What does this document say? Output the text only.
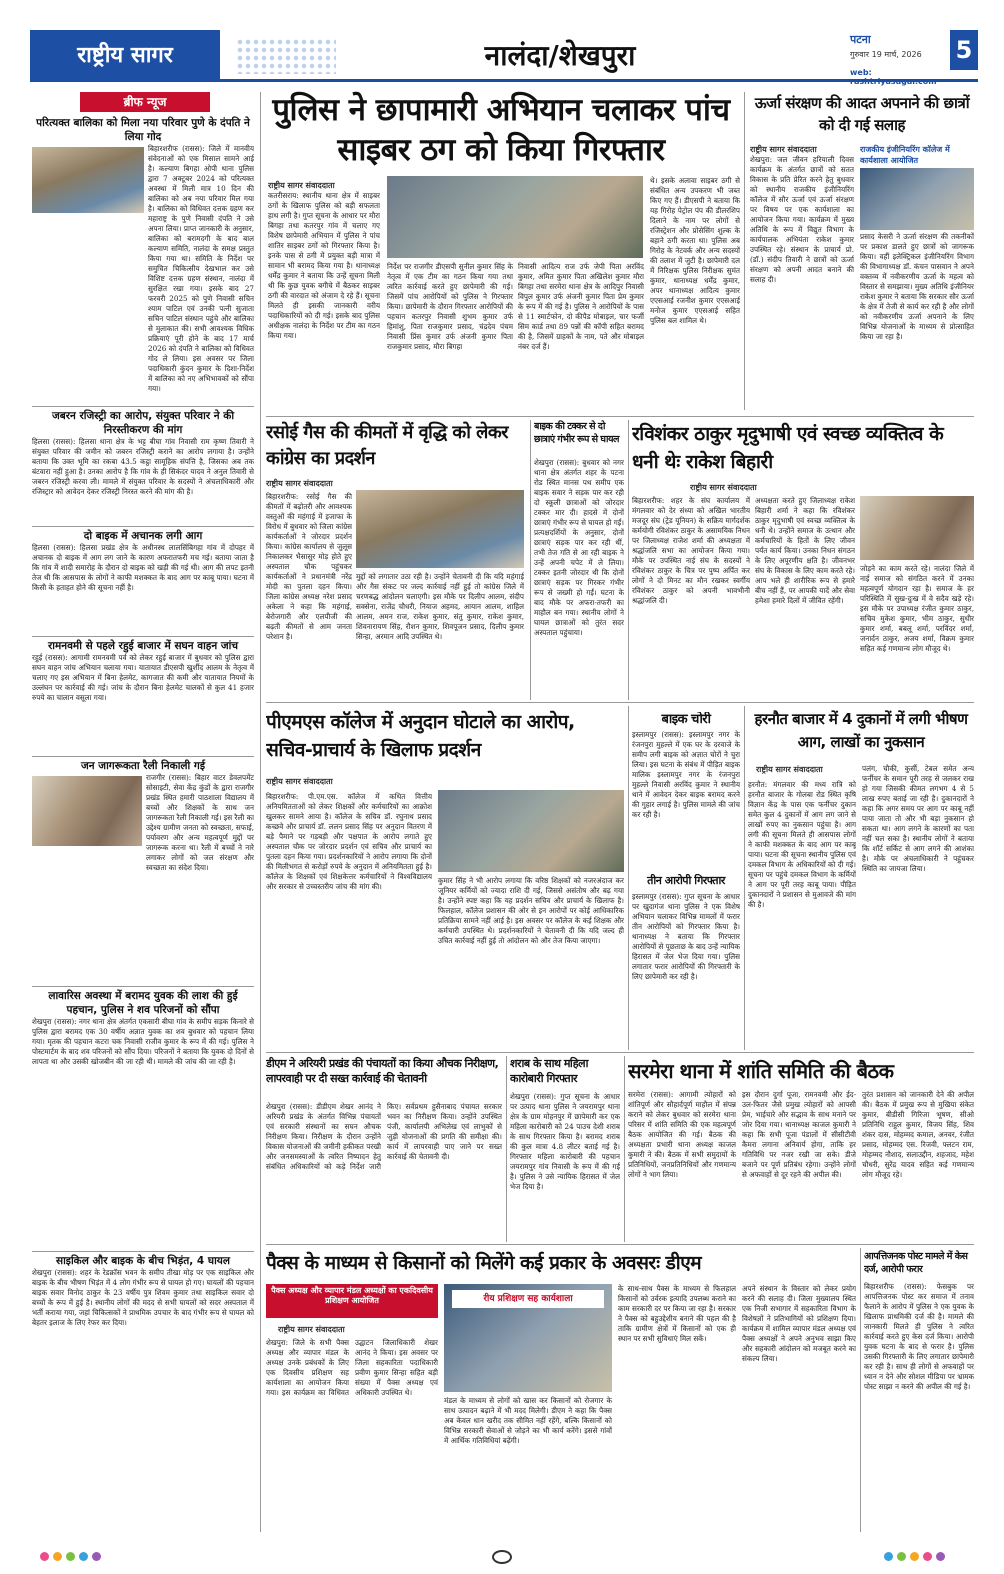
राष्ट्रीय सागर	नालंदा/शेखपुरा	पटना
गुरुवार 19 मार्च, 2026
web: rashtriyasagar.com
5
ब्रीफ न्यूज
परित्यक्त बालिका को मिला नया परिवार पुणे के दंपति ने लिया गोद

बिहारशरीफ (रासस): जिले में मानवीय संवेदनाओं को एक मिसाल सामने आई है। कल्याण बिगहा ओपी थाना पुलिस द्वारा 7 अक्टूबर 2024 को परित्यक्त अवस्था में मिली मात्र 10 दिन की बालिका को अब नया परिवार मिल गया है। बालिका को विधिवत दत्तक ग्रहण कर महाराष्ट्र के पुणे निवासी दंपति ने उसे अपना लिया। प्राप्त जानकारी के अनुसार, बालिका को बरामदगी के बाद बाल कल्याण समिति, नालंदा के समक्ष प्रस्तुत किया गया था। समिति के निर्देश पर समुचित चिकित्सीय देखभाल कर उसे विशिष्ट दत्तक ग्रहण संस्थान, नालंदा में सुरक्षित रखा गया। इसके बाद 27 फरवरी 2025 को पुणे निवासी सचिन श्याम पाटिल एवं उनकी पत्नी सुजाता सचिन पाटिल संस्थान पहुंचे और बालिका से मुलाकात की। सभी आवश्यक विधिक प्रक्रियाएं पूरी होने के बाद 17 मार्च 2026 को दंपति ने बालिका को विधिवत गोद ले लिया। इस अवसर पर जिला पदाधिकारी कुंदन कुमार के दिशा-निर्देश में बालिका को नए अभिभावकों को सौंपा गया।

जबरन रजिस्ट्री का आरोप, संयुक्त परिवार ने की निरस्तीकरण की मांग

हिलसा (रासस): हिलसा थाना क्षेत्र के भट्ट बीघा गांव निवासी राम कृष्ण तिवारी ने संयुक्त परिवार की जमीन को जबरन रजिस्ट्री कराने का आरोप लगाया है। उन्होंने बताया कि उक्त भूमि का रकबा 43.5 कट्ठा सामूहिक संपत्ति है, जिसका अब तक बंटवारा नहीं हुआ है। उनका आरोप है कि गांव के ही सिकंदर यादव ने अनुल तिवारी से जबरन रजिस्ट्री करवा ली। मामले में संयुक्त परिवार के सदस्यों ने अंचलाधिकारी और रजिस्ट्रार को आवेदन देकर रजिस्ट्री निरस्त करने की मांग की है।

दो बाइक में अचानक लगी आग

हिलसा (रासस): हिलसा प्रखंड क्षेत्र के अधीनस्थ लालसिंबिगहा गांव में दोपहर में अचानक दो बाइक में आग लग जाने के कारण अफरातफरी मच गई। बताया जाता है कि गांव में शादी समारोह के दौरान दो बाइक को खड़ी की गई थी। आग की लपट इतनी तेज थी कि आसपास के लोगों ने काफी मशक्कत के बाद आग पर काबू पाया। घटना में किसी के हताहत होने की सूचना नहीं है।

रामनवमी से पहले रहुई बाजार में सघन वाहन जांच

रहुई (रासस): आगामी रामनवमी पर्व को लेकर रहुई बाजार में बुधवार को पुलिस द्वारा सघन वाहन जांच अभियान चलाया गया। यातायात डीएसपी खुर्शीद आलम के नेतृत्व में चलाए गए इस अभियान में बिना हेलमेट, कागजात की कमी और यातायात नियमों के उल्लंघन पर कार्रवाई की गई। जांच के दौरान बिना हेलमेट चालकों से कुल 41 हजार रुपये का चालान वसूला गया।

जन जागरूकता रैली निकाली गई

राजगीर (रासस): बिहार वाटर डेवलपमेंट सोसाइटी, सेवा केंद्र कुंडों के द्वारा राजगीर प्रखंड स्थित हमारी पाठशाला विद्यालय में बच्चों और शिक्षकों के साथ जन जागरूकता रैली निकाली गई। इस रैली का उद्देश्य ग्रामीण जनता को स्वच्छता, सफाई, पर्यावरण और अन्य महत्वपूर्ण मुद्दों पर जागरूक करना था। रैली में बच्चों ने नारे लगाकर लोगों को जल संरक्षण और स्वच्छता का संदेश दिया।

लावारिस अवस्था में बरामद युवक की लाश की हुई पहचान, पुलिस ने शव परिजनों को सौंपा

शेखपुरा (रासस): नगर थाना क्षेत्र अंतर्गत एकसारी बीघा गांव के समीप सड़क किनारे से पुलिस द्वारा बरामद एक 30 वर्षीय अज्ञात युवक का शव बुधवार को पहचान लिया गया। मृतक की पहचान कटरा चक निवासी राजीव कुमार के रूप में की गई। पुलिस ने पोस्टमार्टम के बाद शव परिजनों को सौंप दिया। परिजनों ने बताया कि युवक दो दिनों से लापता था और उसकी खोजबीन की जा रही थी। मामले की जांच की जा रही है।

साइकिल और बाइक के बीच भिड़ंत, 4 घायल

शेखपुरा (रासस): शहर के रेडक्रॉस भवन के समीप तीखा मोड़ पर एक साइकिल और बाइक के बीच भीषण भिड़ंत में 4 लोग गंभीर रूप से घायल हो गए। घायलों की पहचान बाइक सवार विनोद ठाकुर के 23 वर्षीय पुत्र शिवम कुमार तथा साइकिल सवार दो बच्चों के रूप में हुई है। स्थानीय लोगों की मदद से सभी घायलों को सदर अस्पताल में भर्ती कराया गया, जहां चिकित्सकों ने प्राथमिक उपचार के बाद गंभीर रूप से घायल को बेहतर इलाज के लिए रेफर कर दिया।

पुलिस ने छापामारी अभियान चलाकर पांच साइबर ठग को किया गिरफ्तार
राष्ट्रीय सागर संवाददाता

कतरीसराय: स्थानीय थाना क्षेत्र में साइबर ठगों के खिलाफ पुलिस को बड़ी सफलता हाथ लगी है। गुप्त सूचना के आधार पर मौरा बिगहा तथा कतरपुर गांव में चलाए गए विशेष छापेमारी अभियान में पुलिस ने पांच शातिर साइबर ठगों को गिरफ्तार किया है। इनके पास से ठगी में प्रयुक्त बड़ी मात्रा में सामान भी बरामद किया गया है। थानाध्यक्ष धर्मेंद्र कुमार ने बताया कि उन्हें सूचना मिली थी कि कुछ युवक बगीचे में बैठकर साइबर ठगी की वारदात को अंजाम दे रहे हैं। सूचना मिलते ही इसकी जानकारी वरीय पदाधिकारियों को दी गई। इसके बाद पुलिस अधीक्षक नालंदा के निर्देश पर टीम का गठन किया गया।

निर्देश पर राजगीर डीएसपी सुनील कुमार सिंह के नेतृत्व में एक टीम का गठन किया गया तथा त्वरित कार्रवाई करते हुए छापेमारी की गई। जिसमें पांच आरोपियों को पुलिस ने गिरफ्तार किया। छापेमारी के दौरान गिरफ्तार आरोपियों की पहचान कतरपुर निवासी शुभम कुमार उर्फ हिमांशु, पिता राजकुमार प्रसाद, चंद्रदेव पंचम निवासी प्रिंस कुमार उर्फ अंजनी कुमार पिता राजकुमार प्रसाद, मौरा बिगहा

निवासी आदित्य राज उर्फ जेपी पिता अरविंद कुमार, अमित कुमार पिता अखिलेश कुमार मौरा बिगहा तथा सरमेरा थाना क्षेत्र के आदिपुर निवासी विपुल कुमार उर्फ अंजनी कुमार पिता प्रेम कुमार के रूप में की गई है। पुलिस ने आरोपियों के पास से 11 स्मार्टफोन, दो कीपैड मोबाइल, चार फर्जी सिम कार्ड तथा 89 पन्नों की कॉपी सहित बरामद की है, जिसमें ग्राहकों के नाम, पते और मोबाइल नंबर दर्ज हैं।

थे। इसके अलावा साइबर ठगी से संबंधित अन्य उपकरण भी जब्त किए गए हैं। डीएसपी ने बताया कि यह गिरोह पेट्रोल पंप की डीलरशिप दिलाने के नाम पर लोगों से रजिस्ट्रेशन और प्रोसेसिंग शुल्क के बहाने ठगी करता था। पुलिस अब गिरोह के नेटवर्क और अन्य सदस्यों की तलाश में जुटी है। छापेमारी दल में निरिक्षक पुलिस निरीक्षक सुमंत कुमार, थानाध्यक्ष धर्मेंद्र कुमार, अपर थानाध्यक्ष आदित्य कुमार एएसआई रजनीश कुमार एएसआई मनोज कुमार एएसआई सहित पुलिस बल शामिल थे।

ऊर्जा संरक्षण की आदत अपनाने की छात्रों को दी गई सलाह
राष्ट्रीय सागर संवाददाता

शेखपुरा: जल जीवन हरियाली दिवस कार्यक्रम के अंतर्गत छात्रों को सतत विकास के प्रति प्रेरित करने हेतु बुधवार को स्थानीय राजकीय इंजीनियरिंग कॉलेज में सौर ऊर्जा एवं ऊर्जा संरक्षण पर विषय पर एक कार्यशाला का आयोजन किया गया। कार्यक्रम में मुख्य अतिथि के रूप में विद्युत विभाग के कार्यपालक अभियंता राकेश कुमार उपस्थित रहे। संस्थान के प्राचार्य प्रो. (डॉ.) संदीप तिवारी ने छात्रों को ऊर्जा संरक्षण को अपनी आदत बनाने की सलाह दी।

राजकीय इंजीनियरिंग कॉलेज में कार्यशाला आयोजित

प्रसाद केसरी ने ऊर्जा संरक्षण की तकनीकों पर प्रकाश डालते हुए छात्रों को जागरूक किया। वहीं इलेक्ट्रिकल इंजीनियरिंग विभाग की विभागाध्यक्ष डॉ. कंचन पासवान ने अपने वक्तव्य में नवीकरणीय ऊर्जा के महत्व को विस्तार से समझाया। मुख्य अतिथि इंजीनियर राकेश कुमार ने बताया कि सरकार सौर ऊर्जा के क्षेत्र में तेजी से कार्य कर रही है और लोगों को नवीकरणीय ऊर्जा अपनाने के लिए विभिन्न योजनाओं के माध्यम से प्रोत्साहित किया जा रहा है।

रसोई गैस की कीमतों में वृद्धि को लेकर कांग्रेस का प्रदर्शन
राष्ट्रीय सागर संवाददाता

बिहारशरीफ: रसोई गैस की कीमतों में बढ़ोतरी और आवश्यक वस्तुओं की महंगाई में इजाफा के विरोध में बुधवार को जिला कांग्रेस कार्यकर्ताओं ने जोरदार प्रदर्शन किया। कांग्रेस कार्यालय से जुलूस निकालकर भैसासुर मोड़ होते हुए अस्पताल चौक पहुंचकर कार्यकर्ताओं ने प्रधानमंत्री नरेंद्र मोदी का पुतला दहन किया। जिला कांग्रेस अध्यक्ष नरेश प्रसाद अकेला ने कहा कि महंगाई, बेरोजगारी और एलपीजी की बढ़ती कीमतों से आम जनता परेशान है।

मुद्दों को लगातार उठा रही है। उन्होंने चेतावनी दी कि यदि महंगाई और गैस संकट पर जल्द कार्रवाई नहीं हुई तो कांग्रेस जिले में चरणबद्ध आंदोलन चलाएगी। इस मौके पर दिलीप आलम, संदीप सक्सेना, राजेंद्र चौधरी, नियाज अहमद, आयान आलम, शाहिल आलम, अमन राज, राकेश कुमार, संतु कुमार, राकेश कुमार, शिवनारायण सिंह, रौशन कुमार, शिवपूजन प्रसाद, दिलीप कुमार सिन्हा, अरमान आदि उपस्थित थे।

बाइक की टक्कर से दो छात्राएं गंभीर रूप से घायल

शेखपुरा (रासस): बुधवार को नगर थाना क्षेत्र अंतर्गत शहर के पटना रोड स्थित मानस पथ समीप एक बाइक सवार ने सड़क पार कर रही दो स्कूली छात्राओं को जोरदार टक्कर मार दी। हादसे में दोनों छात्राएं गंभीर रूप से घायल हो गईं। प्रत्यक्षदर्शियों के अनुसार, दोनों छात्राएं सड़क पार कर रही थीं, तभी तेज गति से आ रही बाइक ने उन्हें अपनी चपेट में ले लिया। टक्कर इतनी जोरदार थी कि दोनों छात्राएं सड़क पर गिरकर गंभीर रूप से जख्मी हो गईं। घटना के बाद मौके पर अफरा-तफरी का माहौल बन गया। स्थानीय लोगों ने घायल छात्राओं को तुरंत सदर अस्पताल पहुंचाया।

रविशंकर ठाकुर मृदुभाषी एवं स्वच्छ व्यक्तित्व के धनी थेः राकेश बिहारी
राष्ट्रीय सागर संवाददाता

बिहारशरीफ: शहर के संघ कार्यालय में मंगलवार को देर संध्या को अखिल भारतीय मजदूर संघ (ट्रेड यूनियन) के सक्रिय मार्गदर्शक कर्मयोगी रविशंकर ठाकुर के असामयिक निधन पर जिलाध्यक्ष राजेश शर्मा की अध्यक्षता में श्रद्धांजलि सभा का आयोजन किया गया। मौके पर उपस्थित नाई संघ के सदस्यों ने रविशंकर ठाकुर के चित्र पर पुष्प अर्पित कर लोगों ने दो मिनट का मौन रखकर स्वर्गीय रविशंकर ठाकुर को अपनी भावभीनी श्रद्धांजलि दी।

अध्यक्षता करते हुए जिलाध्यक्ष राकेश बिहारी शर्मा ने कहा कि रविशंकर ठाकुर मृदुभाषी एवं स्वच्छ व्यक्तित्व के धनी थे। उन्होंने समाज के उत्थान और कर्मचारियों के हितों के लिए जीवन पर्यंत कार्य किया। उनका निधन संगठन के लिए अपूरणीय क्षति है। जीवनभर संघ के विकास के लिए काम करते रहे। आप भले ही शारीरिक रूप से हमारे बीच नहीं हैं, पर आपकी यादें और सेवा हमेशा हमारे दिलों में जीवित रहेंगी।

जोड़ने का काम करते रहे। नालंदा जिले में नाई समाज को संगठित करने में उनका महत्वपूर्ण योगदान रहा है। समाज के हर परिस्थिति में सुख-दुःख में वे सदैव खड़े रहे। इस मौके पर उपाध्यक्ष रंजीत कुमार ठाकुर, सचिव मुकेश कुमार, भीम ठाकुर, सुधीर कुमार शर्मा, बबलू शर्मा, परविंदर शर्मा, जनार्दन ठाकुर, अजय शर्मा, विक्रम कुमार सहित कई गणमान्य लोग मौजूद थे।

पीएमएस कॉलेज में अनुदान घोटाले का आरोप, सचिव-प्राचार्य के खिलाफ प्रदर्शन
राष्ट्रीय सागर संवाददाता

बिहारशरीफ: पी.एम.एस. कॉलेज में कथित वित्तीय अनियमितताओं को लेकर शिक्षकों और कर्मचारियों का आक्रोश खुलकर सामने आया है। कॉलेज के सचिव डॉ. रघुनाथ प्रसाद कच्छवे और प्राचार्य डॉ. ललन प्रसाद सिंह पर अनुदान वितरण में बड़े पैमाने पर गड़बड़ी और पक्षपात के आरोप लगाते हुए अस्पताल चौक पर जोरदार प्रदर्शन एवं सचिव और प्राचार्य का पुतला दहन किया गया। प्रदर्शनकारियों ने आरोप लगाया कि दोनों की मिलीभगत से करोड़ों रुपये के अनुदान में अनियमितता हुई है। कॉलेज के शिक्षकों एवं शिक्षकेत्तर कर्मचारियों ने विश्वविद्यालय और सरकार से उच्चस्तरीय जांच की मांग की।

कुमार सिंह ने भी आरोप लगाया कि वरिष्ठ शिक्षकों को नजरअंदाज कर जूनियर कर्मियों को ज्यादा राशि दी गई, जिससे असंतोष और बढ़ गया है। उन्होंने स्पष्ट कहा कि यह प्रदर्शन सचिव और प्राचार्य के खिलाफ है। फिलहाल, कॉलेज प्रशासन की ओर से इन आरोपों पर कोई आधिकारिक प्रतिक्रिया सामने नहीं आई है। इस अवसर पर कॉलेज के कई शिक्षक और कर्मचारी उपस्थित थे। प्रदर्शनकारियों ने चेतावनी दी कि यदि जल्द ही उचित कार्रवाई नहीं हुई तो आंदोलन को और तेज किया जाएगा।

बाइक चोरी

इस्लामपुर (रासस): इस्लामपुर नगर के रंजनपुरा मुहल्ले में एक घर के दरवाजे के समीप लगी बाइक को अज्ञात चोरों ने चुरा लिया। इस घटना के संबंध में पीड़ित बाइक मालिक इस्लामपुर नगर के रंजनपुरा मुहल्ले निवासी अरविंद कुमार ने स्थानीय थाने में आवेदन देकर बाइक बरामद करने की गुहार लगाई है। पुलिस मामले की जांच कर रही है।

तीन आरोपी गिरफ्तार

इस्लामपुर (रासस): गुप्त सूचना के आधार पर खुदागंज थाना पुलिस ने एक विशेष अभियान चलाकर विभिन्न मामलों में फरार तीन आरोपियों को गिरफ्तार किया है। थानाध्यक्ष ने बताया कि गिरफ्तार आरोपियों से पूछताछ के बाद उन्हें न्यायिक हिरासत में जेल भेज दिया गया। पुलिस लगातार फरार आरोपियों की गिरफ्तारी के लिए छापेमारी कर रही है।

हरनौत बाजार में 4 दुकानों में लगी भीषण आग, लाखों का नुकसान
राष्ट्रीय सागर संवाददाता

हरनौत: मंगलवार की मध्य रात्रि को हरनौत बाजार के गोलबा रोड स्थित कृषि विज्ञान केंद्र के पास एक फर्नीचर दुकान समेत कुल 4 दुकानों में आग लग जाने से लाखों रुपए का नुकसान पहुंचा है। आग लगी की सूचना मिलते ही आसपास लोगों ने काफी मशक्कत के बाद आग पर काबू पाया। घटना की सूचना स्थानीय पुलिस एवं दमकल विभाग के अधिकारियों को दी गई। सूचना पर पहुंचे दमकल विभाग के कर्मियों ने आग पर पूरी तरह काबू पाया। पीड़ित दुकानदारों ने प्रशासन से मुआवजे की मांग की है।

पलंग, चौकी, कुर्सी, टेबल समेत अन्य फर्नीचर के समान पूरी तरह से जलकर राख हो गया जिसकी कीमत लगभग 4 से 5 लाख रुपए बताई जा रही है। दुकानदारों ने कहा कि अगर समय पर आग पर काबू नहीं पाया जाता तो और भी बड़ा नुकसान हो सकता था। आग लगने के कारणों का पता नहीं चल सका है। स्थानीय लोगों ने बताया कि शॉर्ट सर्किट से आग लगने की आशंका है। मौके पर अंचलाधिकारी ने पहुंचकर स्थिति का जायजा लिया।

डीएम ने अरियरी प्रखंड की पंचायतों का किया औचक निरीक्षण, लापरवाही पर दी सख्त कार्रवाई की चेतावनी

शेखपुरा (रासस): डीडीएम शेखर आनंद ने अरियरी प्रखंड के अंतर्गत विभिन्न पंचायतों एवं सरकारी संस्थानों का सघन औचक निरीक्षण किया। निरीक्षण के दौरान उन्होंने विकास योजनाओं की जमीनी हकीकत परखी और जनसमस्याओं के त्वरित निष्पादन हेतु संबंधित अधिकारियों को कड़े निर्देश जारी किए। सर्वप्रथम हुसैनाबाद पंचायत सरकार भवन का निरीक्षण किया। उन्होंने उपस्थित पंजी, कार्यालयी अभिलेख एवं लाभुकों से जुड़ी योजनाओं की प्रगति की समीक्षा की। कार्य में लापरवाही पाए जाने पर सख्त कार्रवाई की चेतावनी दी।

शराब के साथ महिला कारोबारी गिरफ्तार

शेखपुरा (रासस): गुप्त सूचना के आधार पर उत्पाद थाना पुलिस ने जयरामपुर थाना क्षेत्र के ग्राम मोहनपुर में छापेमारी कर एक महिला कारोबारी को 24 पाउच देशी शराब के साथ गिरफ्तार किया है। बरामद शराब की कुल मात्रा 4.8 लीटर बताई गई है। गिरफ्तार महिला कारोबारी की पहचान जयरामपुर गांव निवासी के रूप में की गई है। पुलिस ने उसे न्यायिक हिरासत में जेल भेज दिया है।

सरमेरा थाना में शांति समिति की बैठक

सरमेरा (रासस): आगामी त्योहारों को शांतिपूर्ण और सौहार्दपूर्ण माहौल में संपन्न कराने को लेकर बुधवार को सरमेरा थाना परिसर में शांति समिति की एक महत्वपूर्ण बैठक आयोजित की गई। बैठक की अध्यक्षता प्रभारी थाना अध्यक्ष काजल कुमारी ने की। बैठक में सभी समुदायों के प्रतिनिधियों, जनप्रतिनिधियों और गणमान्य लोगों ने भाग लिया।

इस दौरान दुर्गा पूजा, रामनवमी और ईद-उल-फितर जैसे प्रमुख त्योहारों को आपसी प्रेम, भाईचारे और सद्भाव के साथ मनाने पर जोर दिया गया। थानाध्यक्ष काजल कुमारी ने कहा कि सभी पूजा पंडालों में सीसीटीवी कैमरा लगाना अनिवार्य होगा, ताकि हर गतिविधि पर नजर रखी जा सके। डीजे बजाने पर पूर्ण प्रतिबंध रहेगा। उन्होंने लोगों से अफवाहों से दूर रहने की अपील की।

तुरंत प्रशासन को जानकारी देने की अपील की। बैठक में प्रमुख रूप से मुखिया संकेत कुमार, बीडीसी गिरिजा भूषण, सीओ प्रतिनिधि राहुल कुमार, विजय सिंह, शिव शंकर दास, मोहम्मद कमाल, अनवर, रंजीत प्रसाद, मोहम्मद एस. रिजवी, फ्लटन राम, मोहम्मद नौशाद, सलाउद्दीन, शहजाद, महेश चौधरी, सुरेंद्र यादव सहित कई गणमान्य लोग मौजूद रहे।

पैक्स के माध्यम से किसानों को मिलेंगे कई प्रकार के अवसरः डीएम
पैक्स अध्यक्ष और व्यापार मंडल अध्यक्षों का एकदिवसीय प्रशिक्षण आयोजित
राष्ट्रीय सागर संवाददाता

शेखपुरा: जिले के सभी पैक्स अध्यक्ष और व्यापार मंडल के अध्यक्ष उनके प्रबंधकों के लिए एक दिवसीय प्रशिक्षण सह कार्यशाला का आयोजन किया गया। इस कार्यक्रम का विधिवत उद्घाटन जिलाधिकारी शेखर आनंद ने किया। इस अवसर पर जिला सहकारिता पदाधिकारी प्रवीण कुमार सिन्हा सहित बड़ी संख्या में पैक्स अध्यक्ष एवं अधिकारी उपस्थित थे।

रीय प्रशिक्षण सह कार्यशाला

मंडल के माध्यम से लोगों को खास कर किसानों को रोजगार के साथ उत्पादन बढ़ाने में भी मदद मिलेगी। डीएम ने कहा कि पैक्स अब केवल धान खरीद तक सीमित नहीं रहेंगे, बल्कि किसानों को विभिन्न सरकारी सेवाओं से जोड़ने का भी कार्य करेंगे। इससे गांवों में आर्थिक गतिविधियां बढ़ेंगी।

के साथ-साथ पैक्स के माध्यम से फिलहाल किसानों को उर्वरक इत्यादि उपलब्ध कराने का काम सरकारी दर पर किया जा रहा है। सरकार ने पैक्स को बहुउद्देशीय बनाने की पहल की है ताकि ग्रामीण क्षेत्रों में किसानों को एक ही स्थान पर सभी सुविधाएं मिल सकें।

अपने संस्थान के विस्तार को लेकर प्रयोग करने की सलाह दी। जिला मुख्यालय स्थित एक निजी सभागार में सहकारिता विभाग के विशेषज्ञों ने प्रतिभागियों को प्रशिक्षण दिया। कार्यक्रम में शामिल व्यापार मंडल अध्यक्ष एवं पैक्स अध्यक्षों ने अपने अनुभव साझा किए और सहकारी आंदोलन को मजबूत करने का संकल्प लिया।

आपत्तिजनक पोस्ट मामले में केस दर्ज, आरोपी फरार

बिहारशरीफ (रासस): फेसबुक पर आपत्तिजनक पोस्ट कर समाज में तनाव फैलाने के आरोप में पुलिस ने एक युवक के खिलाफ प्राथमिकी दर्ज की है। मामले की जानकारी मिलते ही पुलिस ने त्वरित कार्रवाई करते हुए केस दर्ज किया। आरोपी युवक घटना के बाद से फरार है। पुलिस उसकी गिरफ्तारी के लिए लगातार छापेमारी कर रही है। साथ ही लोगों से अफवाहों पर ध्यान न देने और सोशल मीडिया पर भ्रामक पोस्ट साझा न करने की अपील की गई है।
